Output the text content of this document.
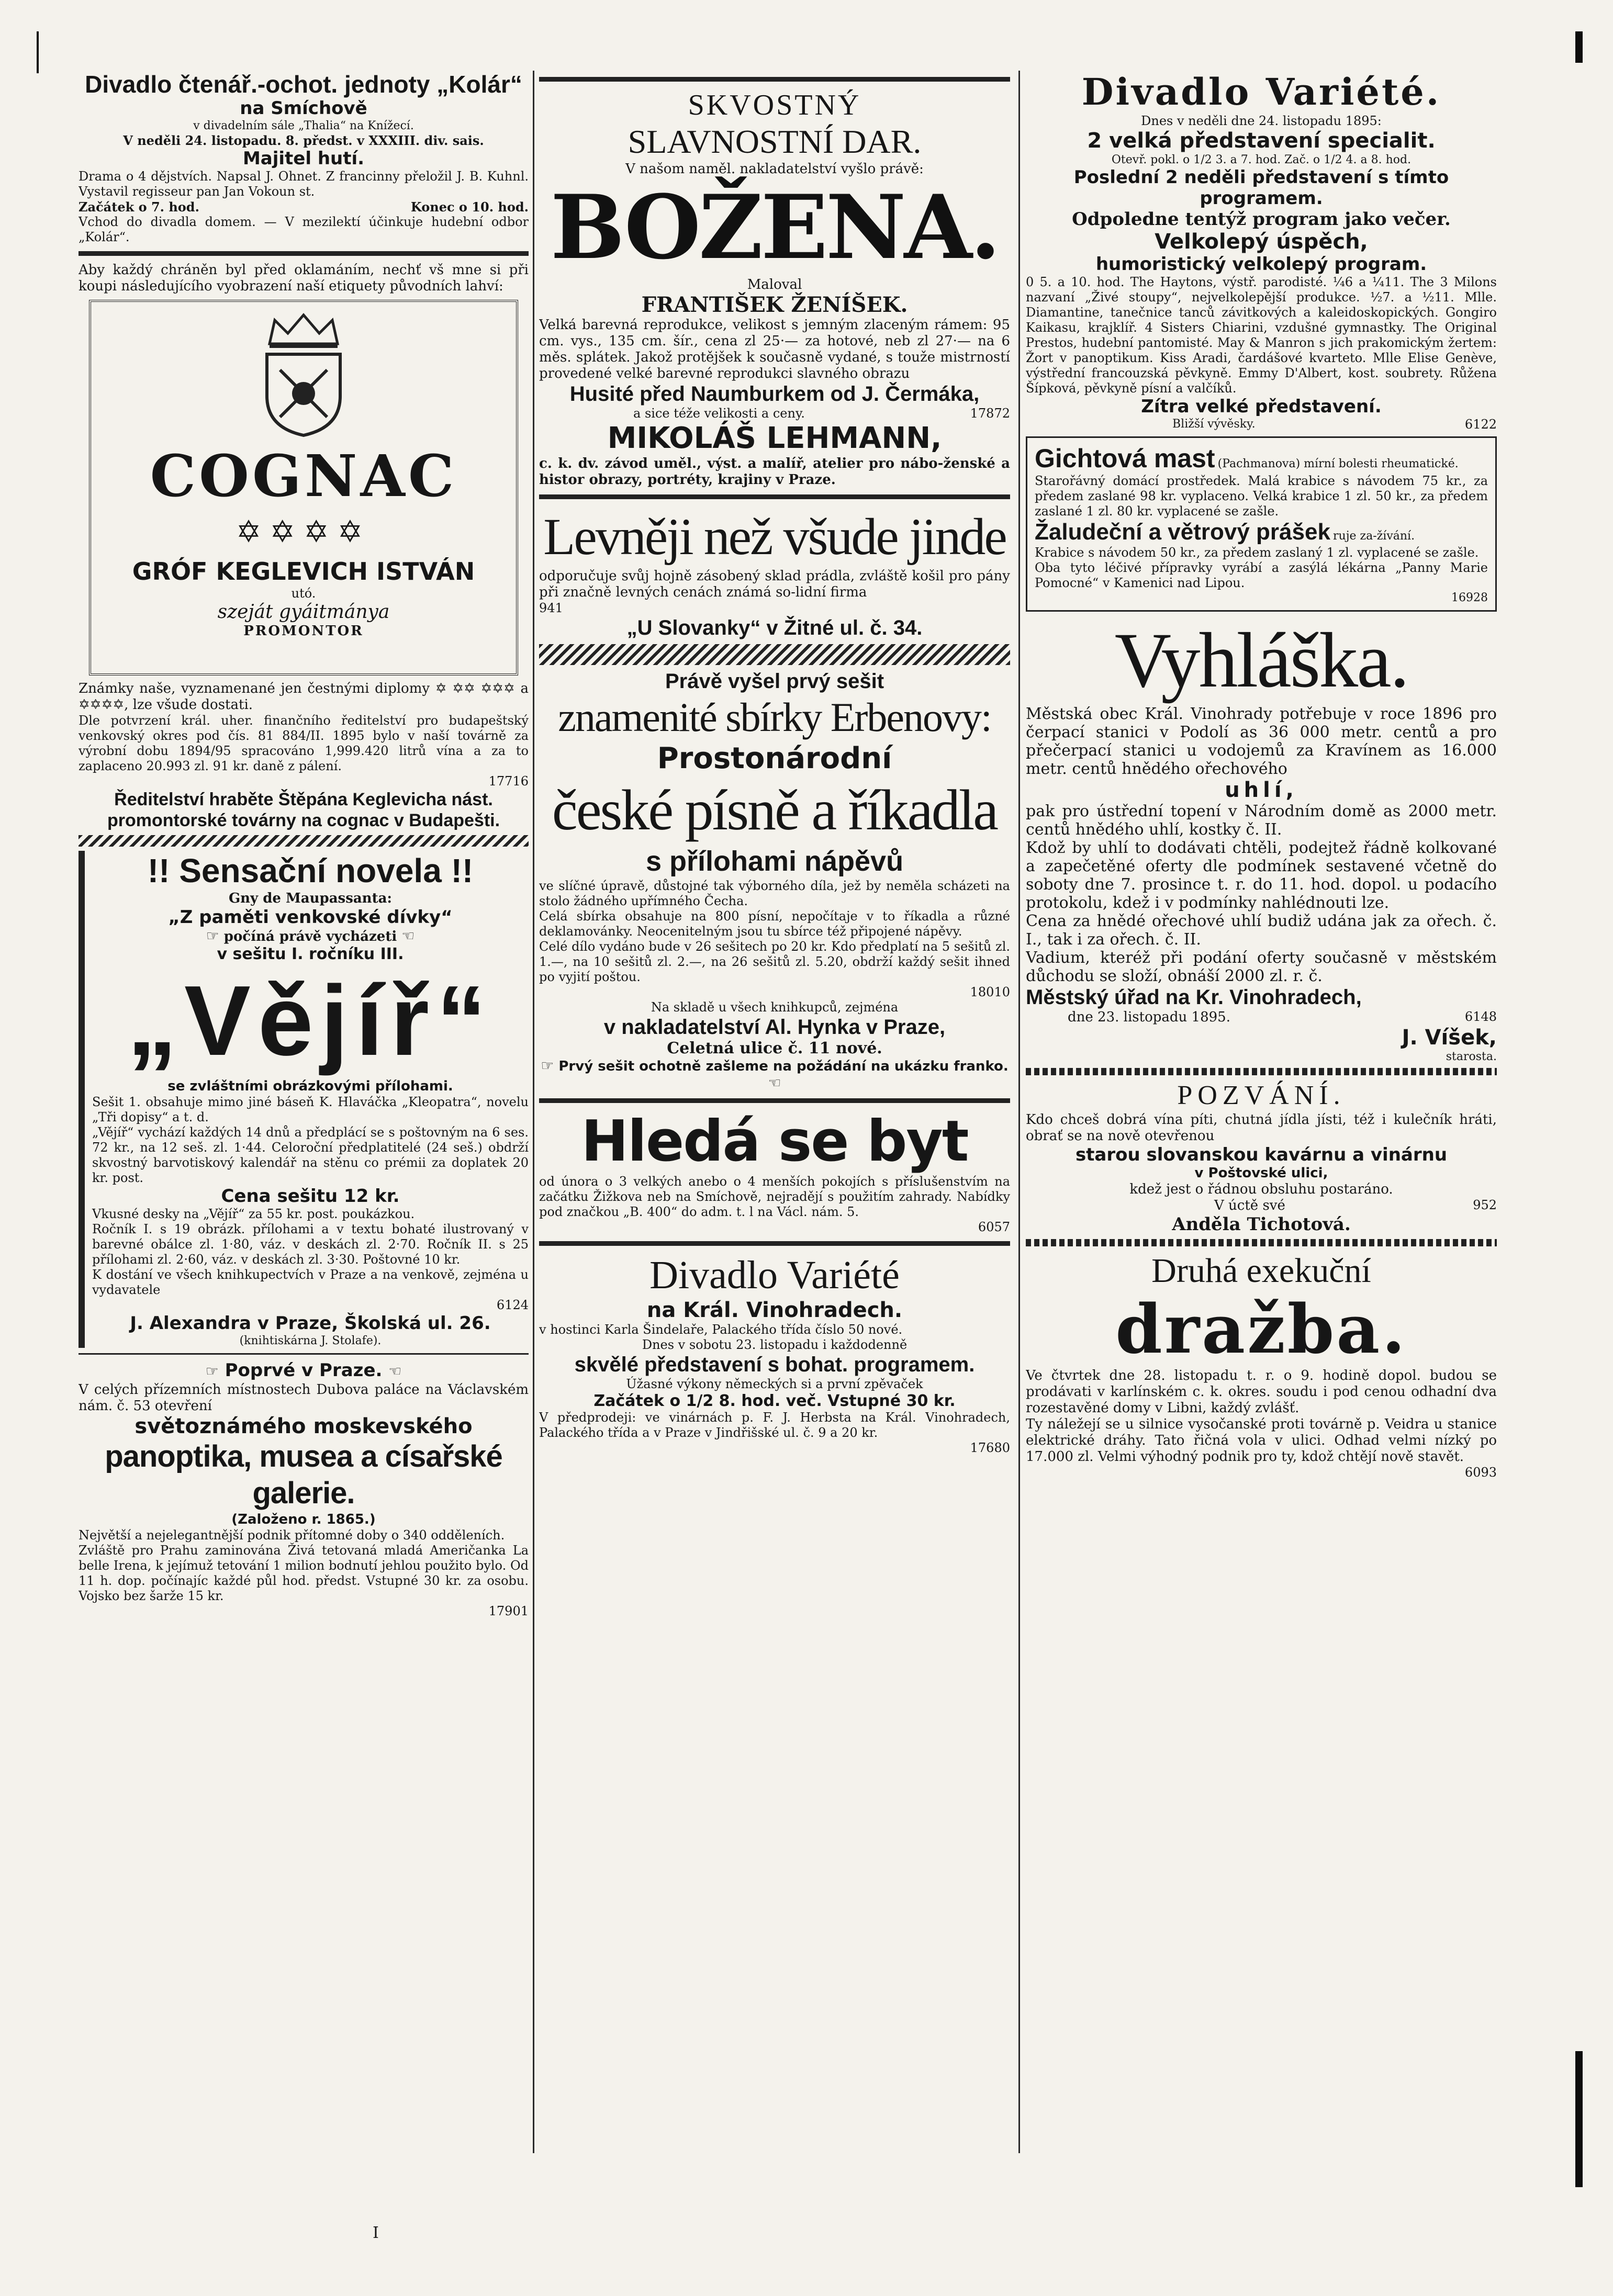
Divadlo čtenář.-ochot. jednoty „Kolár“

na Smíchově

v divadelním sále „Thalia“ na Knížecí.

V neděli 24. listopadu. 8. předst. v XXXIII. div. sais.

Majitel hutí.

Drama o 4 dějstvích. Napsal J. Ohnet. Z francinny přeložil J. B. Kuhnl. Vystavil regisseur pan Jan Vokoun st.

Začátek o 7. hod.	Konec o 10. hod.

Vchod do divadla domem. — V mezilektí účinkuje hudební odbor „Kolár“.

Aby každý chráněn byl před oklamáním, nechť vš mne si při koupi následujícího vyobrazení naší etiquety původních lahví:

COGNAC
✡✡✡✡

GRÓF KEGLEVICH ISTVÁN

utó.

szeját gyáitmánya

PROMONTOR

Známky naše, vyznamenané jen čestnými diplomy ✡ ✡✡ ✡✡✡ a ✡✡✡✡, lze všude dostati.

Dle potvrzení král. uher. finančního ředitelství pro budapeštský venkovský okres pod čís. 81 884/II. 1895 bylo v naší továrně za výrobní dobu 1894/95 spracováno 1,999.420 litrů vína a za to zaplaceno 20.993 zl. 91 kr. daně z pálení.

17716

Ředitelství hraběte Štěpána Keglevicha nást. promontorské továrny na cognac v Budapešti.

!! Sensační novela !!

Gny de Maupassanta:

„Z paměti venkovské dívky“

☞ počíná právě vycházeti ☜

v sešitu I. ročníku III.

„Vějíř“

se zvláštními obrázkovými přílohami.

Sešit 1. obsahuje mimo jiné báseň K. Hlaváčka „Kleopatra“, novelu „Tři dopisy“ a t. d.

„Vějíř“ vychází každých 14 dnů a předplácí se s poštovným na 6 ses. 72 kr., na 12 seš. zl. 1·44. Celoroční předplatitelé (24 seš.) obdrží skvostný barvotiskový kalendář na stěnu co prémii za doplatek 20 kr. post.

Cena sešitu 12 kr.

Vkusné desky na „Vějíř“ za 55 kr. post. poukázkou.

Ročník I. s 19 obrázk. přílohami a v textu bohaté ilustrovaný v barevné obálce zl. 1·80, váz. v deskách zl. 2·70. Ročník II. s 25 přílohami zl. 2·60, váz. v deskách zl. 3·30. Poštovné 10 kr.

K dostání ve všech knihkupectvích v Praze a na venkově, zejména u vydavatele

6124

J. Alexandra v Praze, Školská ul. 26.

(knihtiskárna J. Stolafe).

☞ Poprvé v Praze. ☜

V celých přízemních místnostech Dubova paláce na Václavském nám. č. 53 otevření

světoznámého moskevského

panoptika, musea a císařské galerie.

(Založeno r. 1865.)

Největší a nejelegantnější podnik přítomné doby o 340 odděleních.

Zvláště pro Prahu zaminována Živá tetovaná mladá Američanka La belle Irena, k jejímuž tetování 1 milion bodnutí jehlou použito bylo. Od 11 h. dop. počínajíc každé půl hod. předst. Vstupné 30 kr. za osobu. Vojsko bez šarže 15 kr.

17901

SKVOSTNÝ

SLAVNOSTNÍ DAR.

V našom naměl. nakladatelství vyšlo právě:

BOŽENA.

Maloval

FRANTIŠEK ŽENÍŠEK.

Velká barevná reprodukce, velikost s jemným zlaceným rámem: 95 cm. vys., 135 cm. šír., cena zl 25·— za hotové, neb zl 27·— na 6 měs. splátek. Jakož protějšek k současně vydané, s touže mistrností provedené velké barevné reprodukci slavného obrazu

Husité před Naumburkem od J. Čermáka,

a sice téže velikosti a ceny.	17872

MIKOLÁŠ LEHMANN,

c. k. dv. závod uměl., výst. a malíř, atelier pro nábo-ženské a histor obrazy, portréty, krajiny v Praze.

Levněji než všude jinde

odporučuje svůj hojně zásobený sklad prádla, zvláště košil pro pány při značně levných cenách známá so-lidní firma

941

„U Slovanky“ v Žitné ul. č. 34.

Právě vyšel prvý sešit

znamenité sbírky Erbenovy:

Prostonárodní

české písně a říkadla

s přílohami nápěvů

ve slíčné úpravě, důstojné tak výborného díla, jež by neměla scházeti na stolo žádného upřímného Čecha.

Celá sbírka obsahuje na 800 písní, nepočítaje v to říkadla a různé deklamovánky. Neocenitelným jsou tu sbírce též připojené nápěvy.

Celé dílo vydáno bude v 26 sešitech po 20 kr. Kdo předplatí na 5 sešitů zl. 1.—, na 10 sešitů zl. 2.—, na 26 sešitů zl. 5.20, obdrží každý sešit ihned po vyjití poštou.

18010

Na skladě u všech knihkupců, zejména

v nakladatelství Al. Hynka v Praze,

Celetná ulice č. 11 nové.

☞ Prvý sešit ochotně zašleme na požádání na ukázku franko. ☜

Hledá se byt

od února o 3 velkých anebo o 4 menších pokojích s příslušenstvím na začátku Žižkova neb na Smíchově, nejradějí s použitím zahrady. Nabídky pod značkou „B. 400“ do adm. t. l na Václ. nám. 5.

6057

Divadlo Variété

na Král. Vinohradech.

v hostinci Karla Šindelaře, Palackého třída číslo 50 nové.

Dnes v sobotu 23. listopadu i každodenně

skvělé představení s bohat. programem.

Úžasné výkony německých si a první zpěvaček

Začátek o 1/2 8. hod. več. Vstupné 30 kr.

V předprodeji: ve vinárnách p. F. J. Herbsta na Král. Vinohradech, Palackého třída a v Praze v Jindřišské ul. č. 9 a 20 kr.

17680

Divadlo Variété.

Dnes v neděli dne 24. listopadu 1895:

2 velká představení specialit.

Otevř. pokl. o 1/2 3. a 7. hod. Zač. o 1/2 4. a 8. hod.

Poslední 2 neděli představení s tímto programem.

Odpoledne tentýž program jako večer.

Velkolepý úspěch,

humoristický velkolepý program.

0 5. a 10. hod. The Haytons, výstř. parodisté. ¼6 a ¼11. The 3 Milons nazvaní „Živé stoupy“, nejvelkolepější produkce. ½7. a ½11. Mlle. Diamantine, tanečnice tanců závitkových a kaleidoskopických. Gongiro Kaikasu, krajklíř. 4 Sisters Chiarini, vzdušné gymnastky. The Original Prestos, hudební pantomisté. May & Manron s jich prakomickým žertem: Žort v panoptikum. Kiss Aradi, čardášové kvarteto. Mlle Elise Genève, výstřední francouzská pěvkyně. Emmy D'Albert, kost. soubrety. Růžena Šípková, pěvkyně písní a valčíků.

Zítra velké představení.

Bližší vývěsky.	6122

Gichtová mast (Pachmanova) mírní bolesti rheumatické.

Starořávný domácí prostředek. Malá krabice s návodem 75 kr., za předem zaslané 98 kr. vyplaceno. Velká krabice 1 zl. 50 kr., za předem zaslané 1 zl. 80 kr. vyplacené se zašle.

Žaludeční a větrový prášek ruje za-žívání.

Krabice s návodem 50 kr., za předem zaslaný 1 zl. vyplacené se zašle.

Oba tyto léčivé přípravky vyrábí a zasýlá lékárna „Panny Marie Pomocné“ v Kamenici nad Lipou.

16928

Vyhláška.

Městská obec Král. Vinohrady potřebuje v roce 1896 pro čerpací stanici v Podolí as 36 000 metr. centů a pro přečerpací stanici u vodojemů za Kravínem as 16.000 metr. centů hnědého ořechového

uhlí,

pak pro ústřední topení v Národním domě as 2000 metr. centů hnědého uhlí, kostky č. II.

Kdož by uhlí to dodávati chtěli, podejtež řádně kolkované a zapečetěné oferty dle podmínek sestavené včetně do soboty dne 7. prosince t. r. do 11. hod. dopol. u podacího protokolu, kdež i v podmínky nahlédnouti lze.

Cena za hnědé ořechové uhlí budiž udána jak za ořech. č. I., tak i za ořech. č. II.

Vadium, kteréž při podání oferty současně v městském důchodu se složí, obnáší 2000 zl. r. č.

Městský úřad na Kr. Vinohradech,

dne 23. listopadu 1895.	6148

J. Víšek,

starosta.

POZVÁNÍ.

Kdo chceš dobrá vína píti, chutná jídla jísti, též i kulečník hráti, obrať se na nově otevřenou

starou slovanskou kavárnu a vinárnu

v Poštovské ulici,

kdež jest o řádnou obsluhu postaráno.

V úctě své	952

Anděla Tichotová.

Druhá exekuční

dražba.

Ve čtvrtek dne 28. listopadu t. r. o 9. hodině dopol. budou se prodávati v karlínském c. k. okres. soudu i pod cenou odhadní dva rozestavěné domy v Libni, každý zvlášť.

Ty náležejí se u silnice vysočanské proti továrně p. Veidra u stanice elektrické dráhy. Tato řičná vola v ulici. Odhad velmi nízký po 17.000 zl. Velmi výhodný podnik pro ty, kdož chtějí nově stavět.

6093

I
